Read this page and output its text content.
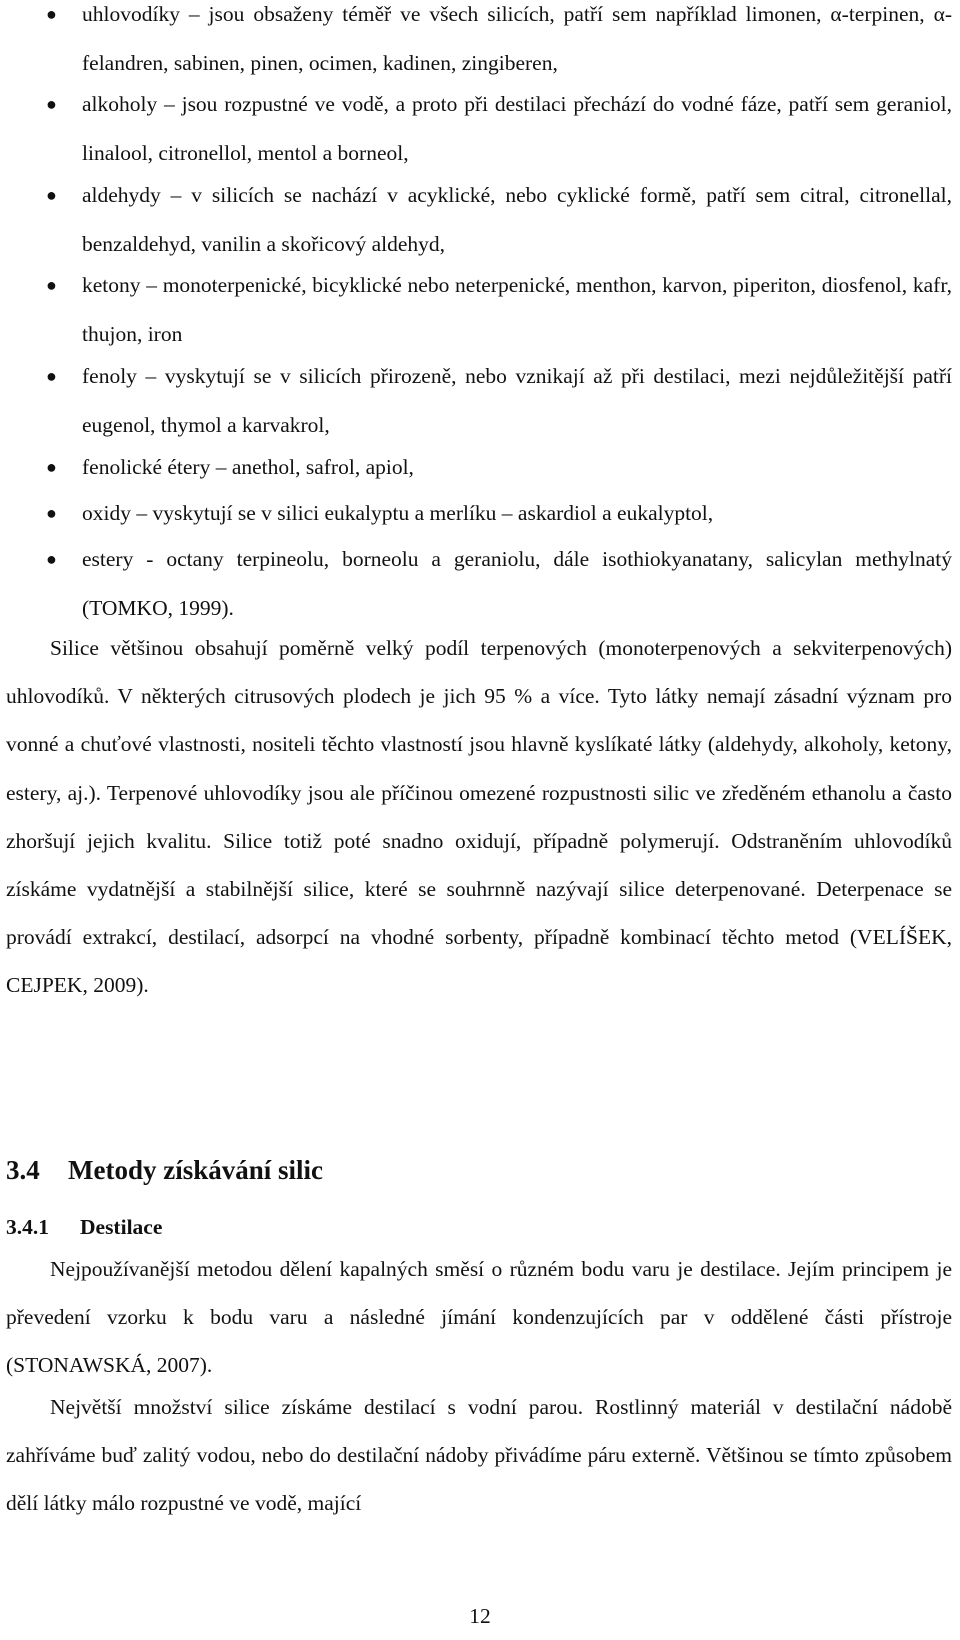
● uhlovodíky – jsou obsaženy téměř ve všech silicích, patří sem například limonen, α-terpinen, α-felandren, sabinen, pinen, ocimen, kadinen, zingiberen,
● alkoholy – jsou rozpustné ve vodě, a proto při destilaci přechází do vodné fáze, patří sem geraniol, linalool, citronellol, mentol a borneol,
● aldehydy – v silicích se nachází v acyklické, nebo cyklické formě, patří sem citral, citronellal, benzaldehyd, vanilin a skořicový aldehyd,
● ketony – monoterpenické, bicyklické nebo neterpenické, menthon, karvon, piperiton, diosfenol, kafr, thujon, iron
● fenoly – vyskytují se v silicích přirozeně, nebo vznikají až při destilaci, mezi nejdůležitější patří eugenol, thymol a karvakrol,
● fenolické étery – anethol, safrol, apiol,
● oxidy – vyskytují se v silici eukalyptu a merlíku – askardiol a eukalyptol,
● estery - octany terpineolu, borneolu a geraniolu, dále isothiokyanatany, salicylan methylnatý (TOMKO, 1999).

Silice většinou obsahují poměrně velký podíl terpenových (monoterpenových a sekviterpenových) uhlovodíků. V některých citrusových plodech je jich 95 % a více. Tyto látky nemají zásadní význam pro vonné a chuťové vlastnosti, nositeli těchto vlastností jsou hlavně kyslíkaté látky (aldehydy, alkoholy, ketony, estery, aj.). Terpenové uhlovodíky jsou ale příčinou omezené rozpustnosti silic ve zředěném ethanolu a často zhoršují jejich kvalitu. Silice totiž poté snadno oxidují, případně polymerují. Odstraněním uhlovodíků získáme vydatnější a stabilnější silice, které se souhrnně nazývají silice deterpenované. Deterpenace se provádí extrakcí, destilací, adsorpcí na vhodné sorbenty, případně kombinací těchto metod (VELÍŠEK, CEJPEK, 2009).

3.4 Metody získávání silic
3.4.1 Destilace

Nejpoužívanější metodou dělení kapalných směsí o různém bodu varu je destilace. Jejím principem je převedení vzorku k bodu varu a následné jímání kondenzujících par v oddělené části přístroje (STONAWSKÁ, 2007).

Největší množství silice získáme destilací s vodní parou. Rostlinný materiál v destilační nádobě zahříváme buď zalitý vodou, nebo do destilační nádoby přivádíme páru externě. Většinou se tímto způsobem dělí látky málo rozpustné ve vodě, mající

12
